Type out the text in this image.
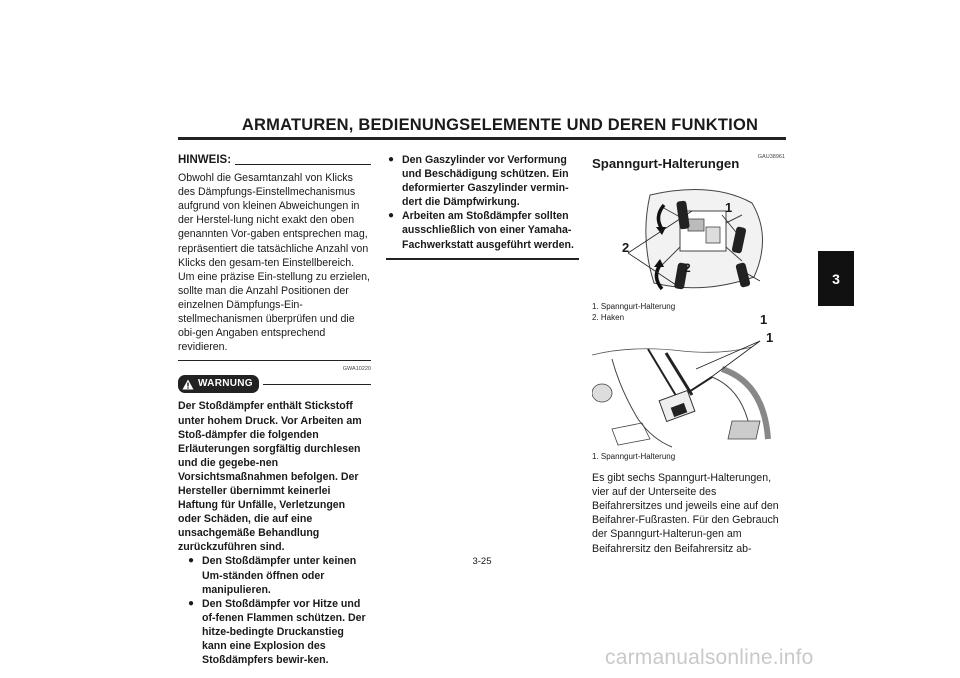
ARMATUREN, BEDIENUNGSELEMENTE UND DEREN FUNKTION
3
HINWEIS:
Obwohl die Gesamtanzahl von Klicks des Dämpfungs-Einstellmechanismus aufgrund von kleinen Abweichungen in der Herstel-lung nicht exakt den oben genannten Vor-gaben entsprechen mag, repräsentiert die tatsächliche Anzahl von Klicks den gesam-ten Einstellbereich. Um eine präzise Ein-stellung zu erzielen, sollte man die Anzahl Positionen der einzelnen Dämpfungs-Ein-stellmechanismen überprüfen und die obi-gen Angaben entsprechend revidieren.
GWA10220
WARNUNG
Der Stoßdämpfer enthält Stickstoff unter hohem Druck. Vor Arbeiten am Stoß-dämpfer die folgenden Erläuterungen sorgfältig durchlesen und die gegebe-nen Vorsichtsmaßnahmen befolgen. Der Hersteller übernimmt keinerlei Haftung für Unfälle, Verletzungen oder Schäden, die auf eine unsachgemäße Behandlung zurückzuführen sind.
● Den Stoßdämpfer unter keinen Um-ständen öffnen oder manipulieren.
● Den Stoßdämpfer vor Hitze und of-fenen Flammen schützen. Der hitze-bedingte Druckanstieg kann eine Explosion des Stoßdämpfers bewir-ken.
● Den Gaszylinder vor Verformung und Beschädigung schützen. Ein deformierter Gaszylinder vermin-dert die Dämpfwirkung.
● Arbeiten am Stoßdämpfer sollten ausschließlich von einer Yamaha-Fachwerkstatt ausgeführt werden.
GAU38961
Spanngurt-Halterungen
1
2
2
1
1. Spanngurt-Halterung
2. Haken
1
1. Spanngurt-Halterung
Es gibt sechs Spanngurt-Halterungen, vier auf der Unterseite des Beifahrersitzes und jeweils eine auf den Beifahrer-Fußrasten. Für den Gebrauch der Spanngurt-Halterun-gen am Beifahrersitz den Beifahrersitz ab-
3-25
carmanualsonline.info
